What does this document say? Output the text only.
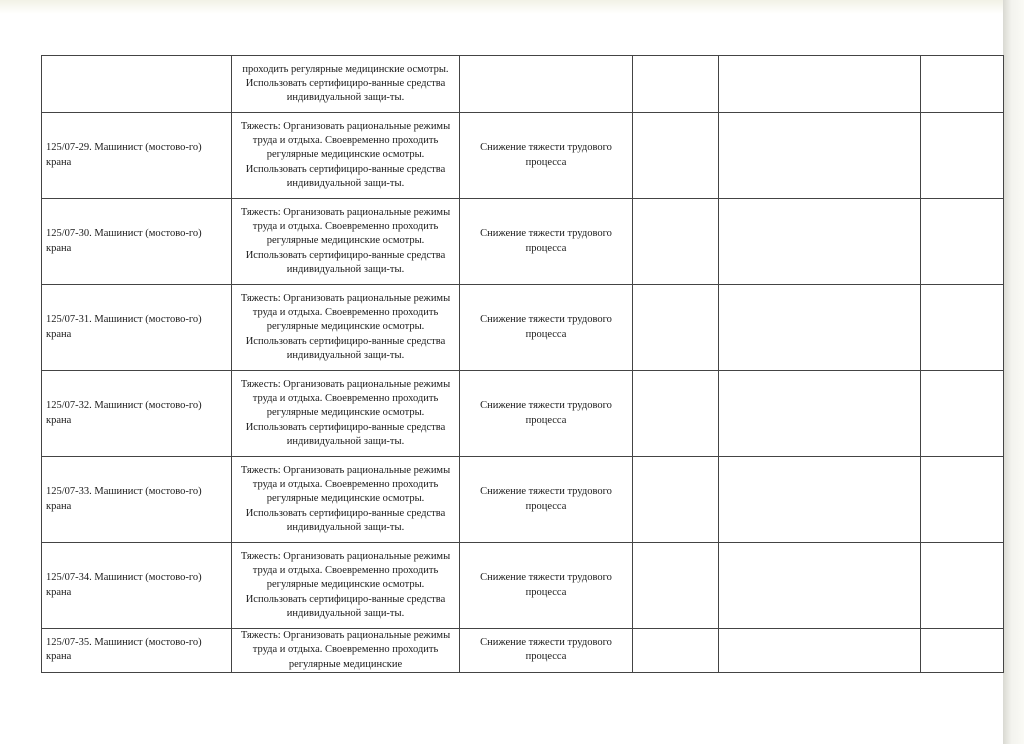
	проходить регулярные медицинские осмотры. Использовать сертифициро-ванные средства индивидуальной защи-ты.				

125/07-29. Машинист (мостово-го) крана	Тяжесть: Организовать рациональные режимы труда и отдыха. Своевременно проходить регулярные медицинские осмотры. Использовать сертифициро-ванные средства индивидуальной защи-ты.	Снижение тяжести трудового процесса			
125/07-30. Машинист (мостово-го) крана	Тяжесть: Организовать рациональные режимы труда и отдыха. Своевременно проходить регулярные медицинские осмотры. Использовать сертифициро-ванные средства индивидуальной защи-ты.	Снижение тяжести трудового процесса			
125/07-31. Машинист (мостово-го) крана	Тяжесть: Организовать рациональные режимы труда и отдыха. Своевременно проходить регулярные медицинские осмотры. Использовать сертифициро-ванные средства индивидуальной защи-ты.	Снижение тяжести трудового процесса			
125/07-32. Машинист (мостово-го) крана	Тяжесть: Организовать рациональные режимы труда и отдыха. Своевременно проходить регулярные медицинские осмотры. Использовать сертифициро-ванные средства индивидуальной защи-ты.	Снижение тяжести трудового процесса			
125/07-33. Машинист (мостово-го) крана	Тяжесть: Организовать рациональные режимы труда и отдыха. Своевременно проходить регулярные медицинские осмотры. Использовать сертифициро-ванные средства индивидуальной защи-ты.	Снижение тяжести трудового процесса			
125/07-34. Машинист (мостово-го) крана	Тяжесть: Организовать рациональные режимы труда и отдыха. Своевременно проходить регулярные медицинские осмотры. Использовать сертифициро-ванные средства индивидуальной защи-ты.	Снижение тяжести трудового процесса			
125/07-35. Машинист (мостово-го) крана	Тяжесть: Организовать рациональные режимы труда и отдыха. Своевременно проходить регулярные медицинские	Снижение тяжести трудового процесса			
